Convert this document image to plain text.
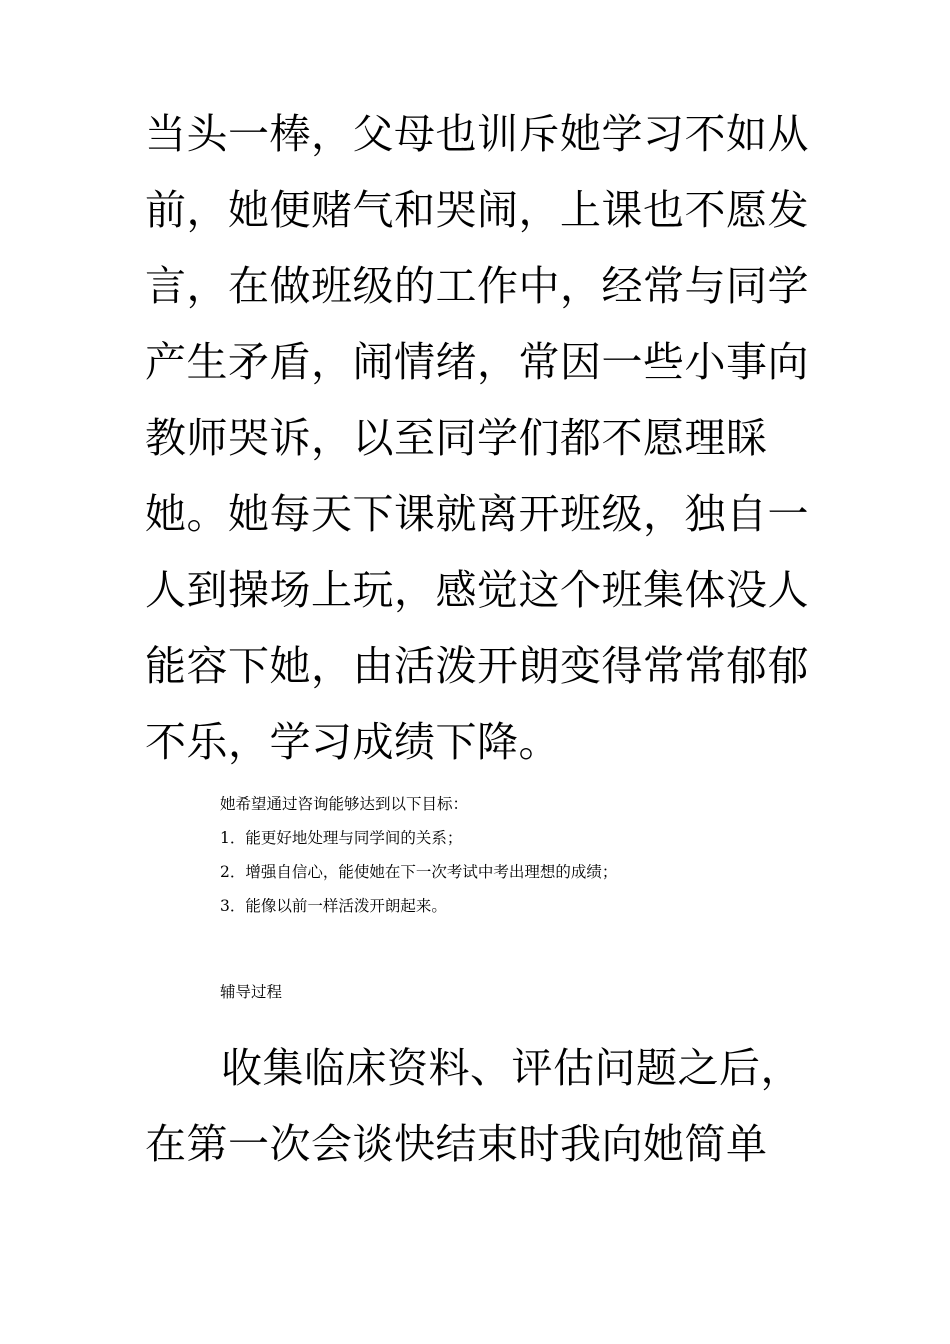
当头一棒，父母也训斥她学习不如从
前，她便赌气和哭闹，上课也不愿发
言，在做班级的工作中，经常与同学
产生矛盾，闹情绪，常因一些小事向
教师哭诉，以至同学们都不愿理睬
她。她每天下课就离开班级，独自一
人到操场上玩，感觉这个班集体没人
能容下她，由活泼开朗变得常常郁郁
不乐，学习成绩下降。
她希望通过咨询能够达到以下目标：
1．能更好地处理与同学间的关系；
2．增强自信心，能使她在下一次考试中考出理想的成绩；
3．能像以前一样活泼开朗起来。
辅导过程
收集临床资料、评估问题之后，
在第一次会谈快结束时我向她简单
